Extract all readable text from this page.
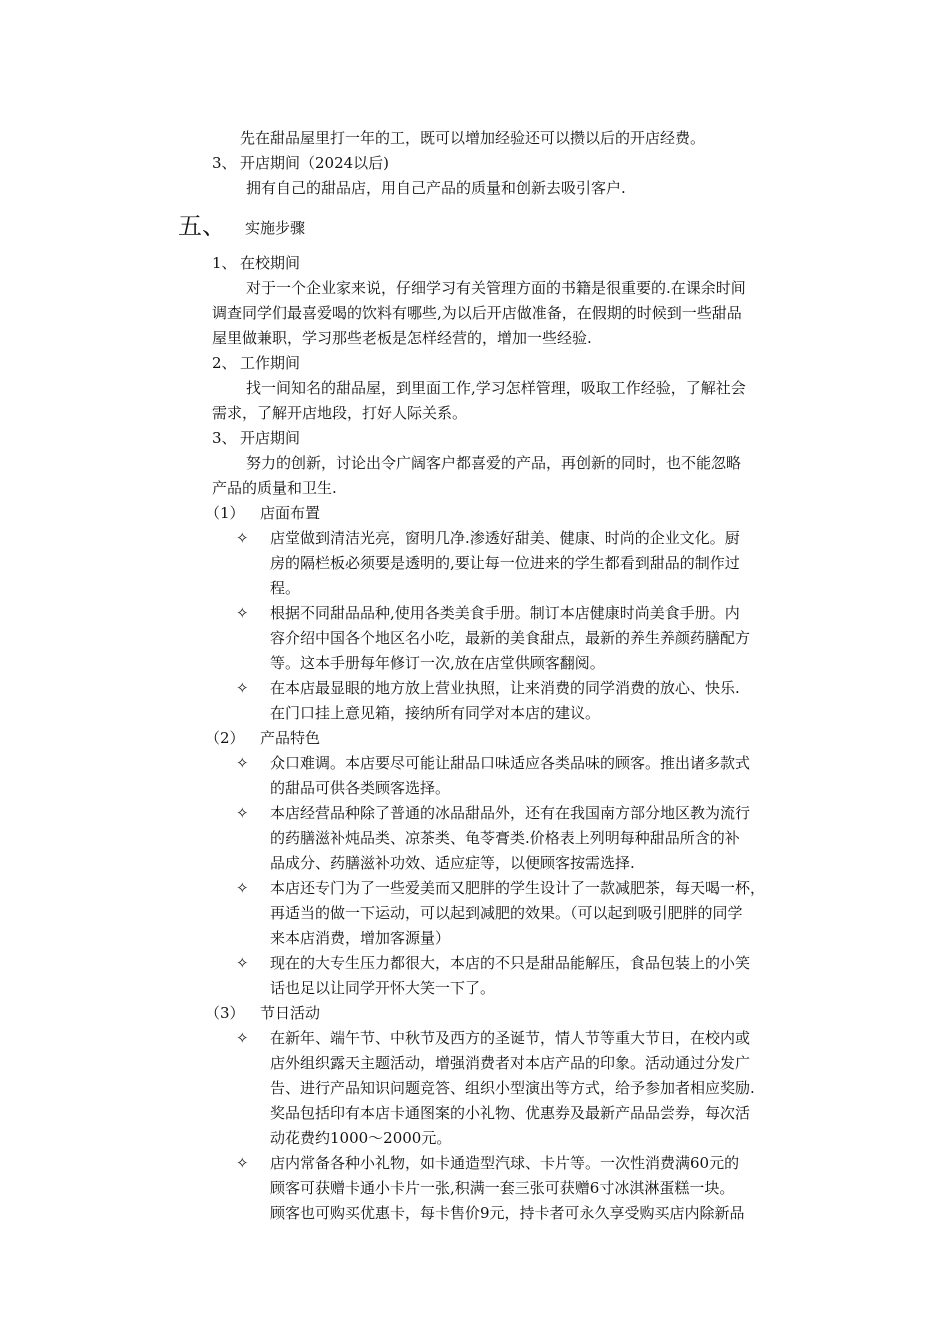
先在甜品屋里打一年的工，既可以增加经验还可以攒以后的开店经费。
3、 开店期间（2024以后)
拥有自己的甜品店，用自己产品的质量和创新去吸引客户.
五、 实施步骤
1、 在校期间
对于一个企业家来说，仔细学习有关管理方面的书籍是很重要的.在课余时间
调查同学们最喜爱喝的饮料有哪些,为以后开店做准备，在假期的时候到一些甜品
屋里做兼职，学习那些老板是怎样经营的，增加一些经验.
2、 工作期间
找一间知名的甜品屋，到里面工作,学习怎样管理，吸取工作经验，了解社会
需求，了解开店地段，打好人际关系。
3、 开店期间
努力的创新，讨论出令广阔客户都喜爱的产品，再创新的同时，也不能忽略
产品的质量和卫生.
（1） 店面布置
✧ 店堂做到清洁光亮，窗明几净.渗透好甜美、健康、时尚的企业文化。厨
房的隔栏板必须要是透明的,要让每一位进来的学生都看到甜品的制作过
程。
✧ 根据不同甜品品种,使用各类美食手册。制订本店健康时尚美食手册。内
容介绍中国各个地区名小吃，最新的美食甜点，最新的养生养颜药膳配方
等。这本手册每年修订一次,放在店堂供顾客翻阅。
✧ 在本店最显眼的地方放上营业执照，让来消费的同学消费的放心、快乐.
在门口挂上意见箱，接纳所有同学对本店的建议。
（2） 产品特色
✧ 众口难调。本店要尽可能让甜品口味适应各类品味的顾客。推出诸多款式
的甜品可供各类顾客选择。
✧ 本店经营品种除了普通的冰品甜品外，还有在我国南方部分地区教为流行
的药膳滋补炖品类、凉茶类、龟苓膏类.价格表上列明每种甜品所含的补
品成分、药膳滋补功效、适应症等，以便顾客按需选择.
✧ 本店还专门为了一些爱美而又肥胖的学生设计了一款减肥茶，每天喝一杯，
再适当的做一下运动，可以起到减肥的效果。（可以起到吸引肥胖的同学
来本店消费，增加客源量）
✧ 现在的大专生压力都很大，本店的不只是甜品能解压，食品包装上的小笑
话也足以让同学开怀大笑一下了。
（3） 节日活动
✧ 在新年、端午节、中秋节及西方的圣诞节，情人节等重大节日，在校内或
店外组织露天主题活动，增强消费者对本店产品的印象。活动通过分发广
告、进行产品知识问题竞答、组织小型演出等方式，给予参加者相应奖励.
奖品包括印有本店卡通图案的小礼物、优惠券及最新产品品尝券，每次活
动花费约1000～2000元。
✧ 店内常备各种小礼物，如卡通造型汽球、卡片等。一次性消费满60元的
顾客可获赠卡通小卡片一张,积满一套三张可获赠6寸冰淇淋蛋糕一块。
顾客也可购买优惠卡，每卡售价9元，持卡者可永久享受购买店内除新品
